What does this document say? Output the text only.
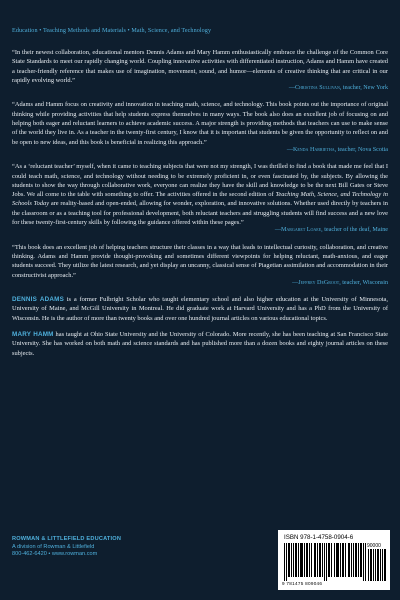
Education • Teaching Methods and Materials • Math, Science, and Technology
“In their newest collaboration, educational mentors Dennis Adams and Mary Hamm enthusiastically embrace the challenge of the Common Core State Standards to meet our rapidly changing world. Coupling innovative activities with differentiated instruction, Adams and Hamm have created a teacher-friendly reference that makes use of imagination, movement, sound, and humor—elements of creative thinking that are critical in our rapidly evolving world.”
—Christina Sullivan, teacher, New York
“Adams and Hamm focus on creativity and innovation in teaching math, science, and technology. This book points out the importance of original thinking while providing activities that help students express themselves in many ways. The book also does an excellent job of focusing on and helping both eager and reluctant learners to achieve academic success. A major strength is providing methods that teachers can use to make sense of the world they live in. As a teacher in the twenty-first century, I know that it is important that students be given the opportunity to reflect on and be open to new ideas, and this book is beneficial in realizing this approach.”
—Kenda Harrietha, teacher, Nova Scotia
“As a ‘reluctant teacher’ myself, when it came to teaching subjects that were not my strength, I was thrilled to find a book that made me feel that I could teach math, science, and technology without needing to be extremely proficient in, or even fascinated by, the subjects. By allowing the students to show the way through collaborative work, everyone can realize they have the skill and knowledge to be the next Bill Gates or Steve Jobs. We all come to the table with something to offer. The activities offered in the second edition of Teaching Math, Science, and Technology in Schools Today are reality-based and open-ended, allowing for wonder, exploration, and innovative solutions. Whether used directly by teachers in the classroom or as a teaching tool for professional development, both reluctant teachers and struggling students will find success and a new love for these twenty-first-century skills by following the guidance offered within these pages.”
—Margaret Loaee, teacher of the deaf, Maine
“This book does an excellent job of helping teachers structure their classes in a way that leads to intellectual curiosity, collaboration, and creative thinking. Adams and Hamm provide thought-provoking and sometimes different viewpoints for helping reluctant, math-anxious, and eager students succeed. They utilize the latest research, and yet display an uncanny, classical sense of Piagetian assimilation and accommodation in their constructivist approach.”
—Jeffrey DeGroot, teacher, Wisconsin
DENNIS ADAMS is a former Fulbright Scholar who taught elementary school and also higher education at the University of Minnesota, University of Maine, and McGill University in Montreal. He did graduate work at Harvard University and has a PhD from the University of Wisconsin. He is the author of more than twenty books and over one hundred journal articles on various educational topics.
MARY HAMM has taught at Ohio State University and the University of Colorado. More recently, she has been teaching at San Francisco State University. She has worked on both math and science standards and has published more than a dozen books and eighty journal articles on these subjects.
ROWMAN & LITTLEFIELD EDUCATION
A division of Rowman & Littlefield
800-462-6420 • www.rowman.com
ISBN 978-1-4758-0904-6
90000
9 781475 809046
